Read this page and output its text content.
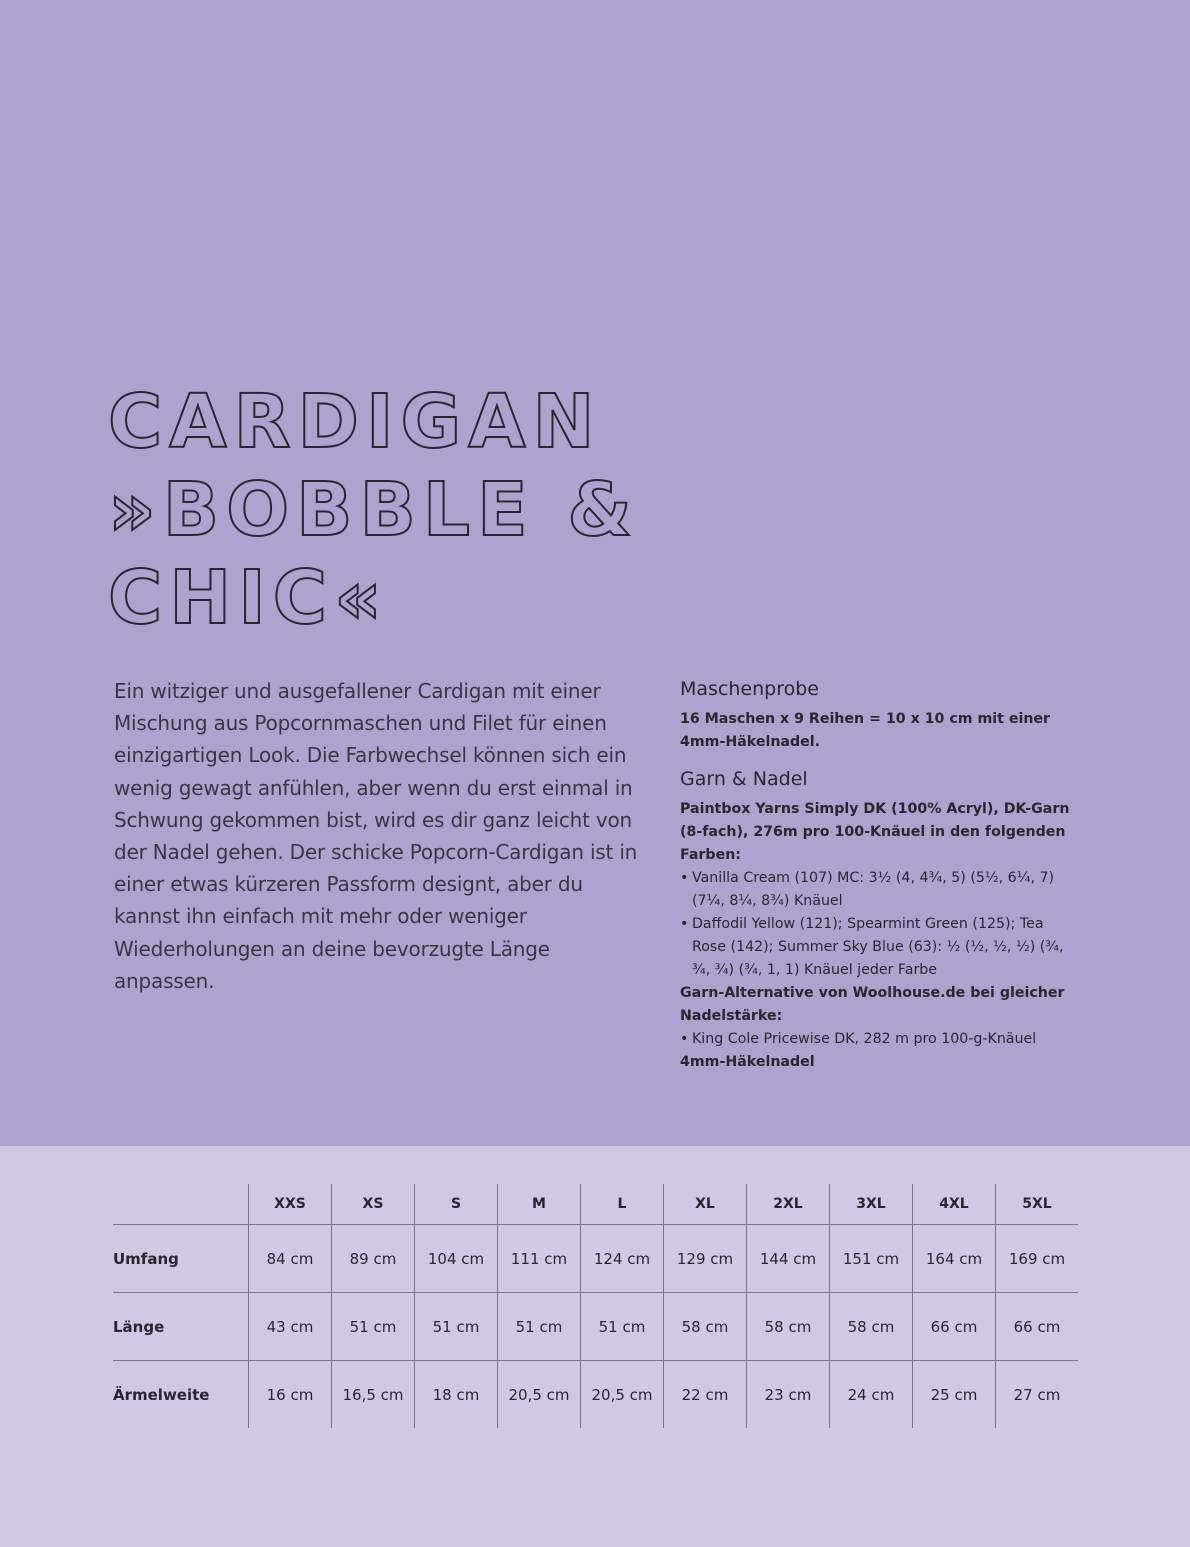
CARDIGAN
»BOBBLE &
CHIC«

Ein witziger und ausgefallener Cardigan mit einer Mischung aus Popcornmaschen und Filet für einen einzigartigen Look. Die Farbwechsel können sich ein wenig gewagt anfühlen, aber wenn du erst einmal in Schwung gekommen bist, wird es dir ganz leicht von der Nadel gehen. Der schicke Popcorn-Cardigan ist in einer etwas kürzeren Passform designt, aber du kannst ihn einfach mit mehr oder weniger Wiederholungen an deine bevorzugte Länge anpassen.

Maschenprobe

16 Maschen x 9 Reihen = 10 x 10 cm mit einer 4mm-Häkelnadel.

Garn & Nadel

Paintbox Yarns Simply DK (100% Acryl), DK-Garn (8-fach), 276m pro 100-Knäuel in den folgenden Farben:

• Vanilla Cream (107) MC: 3½ (4, 4¾, 5) (5½, 6¼, 7) (7¼, 8¼, 8¾) Knäuel
• Daffodil Yellow (121); Spearmint Green (125); Tea Rose (142); Summer Sky Blue (63): ½ (½, ½, ½) (¾, ¾, ¾) (¾, 1, 1) Knäuel jeder Farbe

Garn-Alternative von Woolhouse.de bei gleicher Nadelstärke:

• King Cole Pricewise DK, 282 m pro 100-g-Knäuel

4mm-Häkelnadel

	XXS	XS	S	M	L	XL	2XL	3XL	4XL	5XL
Umfang	84 cm	89 cm	104 cm	111 cm	124 cm	129 cm	144 cm	151 cm	164 cm	169 cm
Länge	43 cm	51 cm	51 cm	51 cm	51 cm	58 cm	58 cm	58 cm	66 cm	66 cm
Ärmelweite	16 cm	16,5 cm	18 cm	20,5 cm	20,5 cm	22 cm	23 cm	24 cm	25 cm	27 cm
